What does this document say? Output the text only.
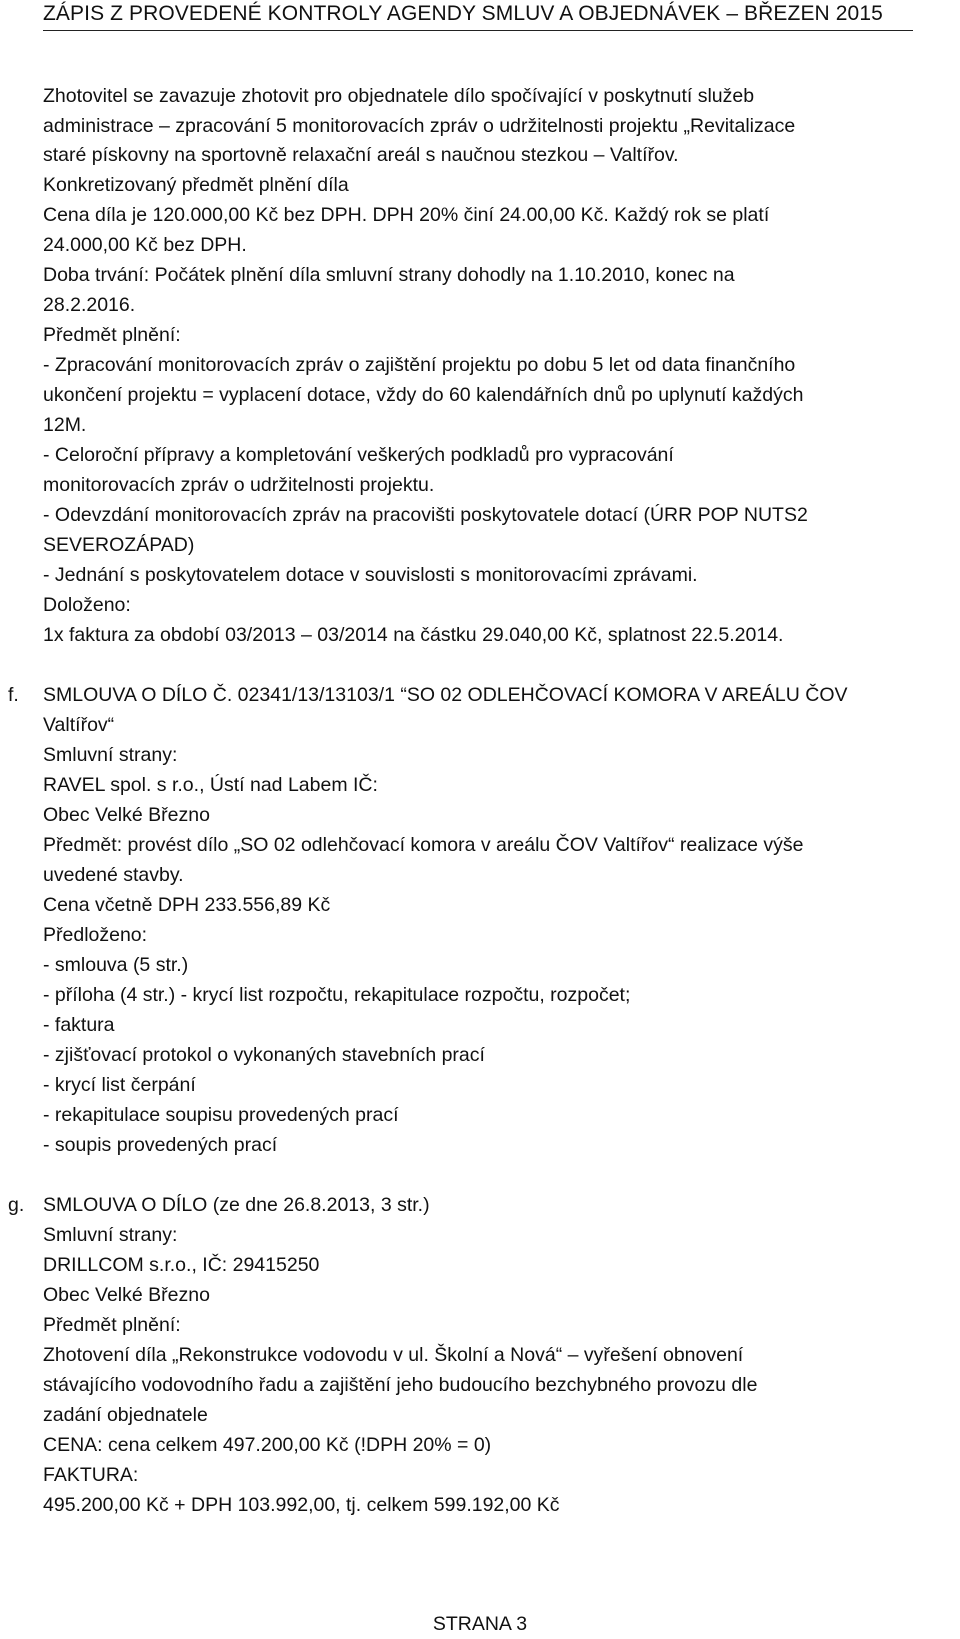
ZÁPIS Z PROVEDENÉ KONTROLY AGENDY SMLUV A OBJEDNÁVEK – BŘEZEN 2015
Zhotovitel se zavazuje zhotovit pro objednatele dílo spočívající v poskytnutí služeb
administrace – zpracování 5 monitorovacích zpráv o udržitelnosti projektu „Revitalizace
staré pískovny na sportovně relaxační areál s naučnou stezkou – Valtířov.
Konkretizovaný předmět plnění díla
Cena díla je 120.000,00 Kč bez DPH. DPH 20% činí 24.00,00 Kč. Každý rok se platí
24.000,00 Kč bez DPH.
Doba trvání: Počátek plnění díla smluvní strany dohodly na 1.10.2010, konec na
28.2.2016.
Předmět plnění:
- Zpracování monitorovacích zpráv o zajištění projektu po dobu 5 let od data finančního
ukončení projektu = vyplacení dotace, vždy do 60 kalendářních dnů po uplynutí každých
12M.
- Celoroční přípravy a kompletování veškerých podkladů pro vypracování
monitorovacích zpráv o udržitelnosti projektu.
- Odevzdání monitorovacích zpráv na pracovišti poskytovatele dotací (ÚRR POP NUTS2
SEVEROZÁPAD)
- Jednání s poskytovatelem dotace v souvislosti s monitorovacími zprávami.
Doloženo:
1x faktura za období 03/2013 – 03/2014 na částku 29.040,00 Kč, splatnost 22.5.2014.
f. SMLOUVA O DÍLO Č. 02341/13/13103/1 “SO 02 ODLEHČOVACÍ KOMORA V AREÁLU ČOV
Valtířov“
Smluvní strany:
RAVEL spol. s r.o., Ústí nad Labem IČ:
Obec Velké Březno
Předmět: provést dílo „SO 02 odlehčovací komora v areálu ČOV Valtířov“ realizace výše
uvedené stavby.
Cena včetně DPH 233.556,89 Kč
Předloženo:
- smlouva (5 str.)
- příloha (4 str.) - krycí list rozpočtu, rekapitulace rozpočtu, rozpočet;
- faktura
- zjišťovací protokol o vykonaných stavebních prací
- krycí list čerpání
- rekapitulace soupisu provedených prací
- soupis provedených prací
g. SMLOUVA O DÍLO (ze dne 26.8.2013, 3 str.)
Smluvní strany:
DRILLCOM s.r.o., IČ: 29415250
Obec Velké Březno
Předmět plnění:
Zhotovení díla „Rekonstrukce vodovodu v ul. Školní a Nová“ – vyřešení obnovení
stávajícího vodovodního řadu a zajištění jeho budoucího bezchybného provozu dle
zadání objednatele
CENA: cena celkem 497.200,00 Kč (!DPH 20% = 0)
FAKTURA:
495.200,00 Kč + DPH 103.992,00, tj. celkem 599.192,00 Kč
STRANA 3
